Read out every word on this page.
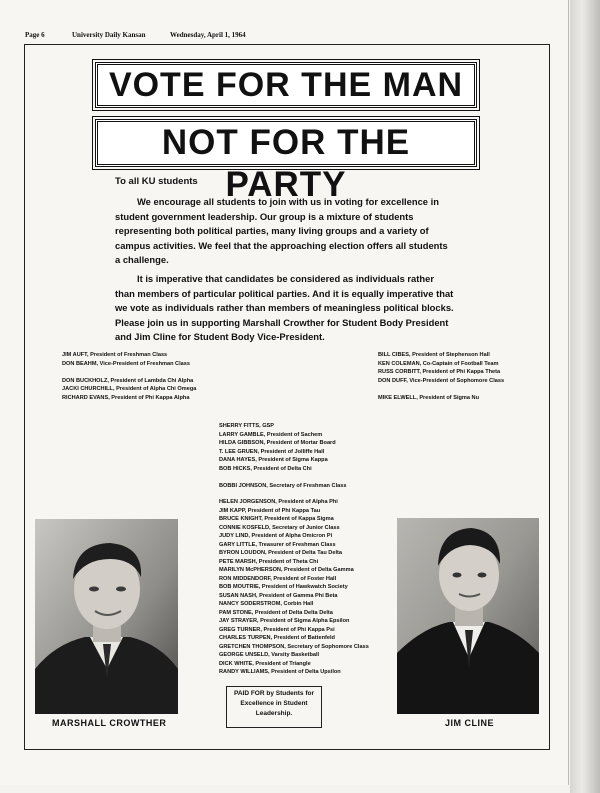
Page 6	University Daily Kansan	Wednesday, April 1, 1964
VOTE FOR THE MAN
NOT FOR THE PARTY
To all KU students

We encourage all students to join with us in voting for excellence in student government leadership. Our group is a mixture of students representing both political parties, many living groups and a variety of campus activities. We feel that the approaching election offers all students a challenge.

It is imperative that candidates be considered as individuals rather than members of particular political parties. And it is equally imperative that we vote as individuals rather than members of meaningless political blocks. Please join us in supporting Marshall Crowther for Student Body President and Jim Cline for Student Body Vice-President.

JIM AUFT, President of Freshman Class
DON BEAHM, Vice-President of Freshman Class
DON BUCKHOLZ, President of Lambda Chi Alpha
JACKI CHURCHILL, President of Alpha Chi Omega
RICHARD EVANS, President of Phi Kappa Alpha
BILL CIBES, President of Stephenson Hall
KEN COLEMAN, Co-Captain of Football Team
RUSS CORBITT, President of Phi Kappa Theta
DON DUFF, Vice-President of Sophomore Class
MIKE ELWELL, President of Sigma Nu
SHERRY FITTS, GSP
LARRY GAMBLE, President of Sachem
HILDA GIBBSON, President of Mortar Board
T. LEE GRUEN, President of Jolliffe Hall
DANA HAYES, President of Sigma Kappa
BOB HICKS, President of Delta Chi
BOBBI JOHNSON, Secretary of Freshman Class
HELEN JORGENSON, President of Alpha Phi
JIM KAPP, President of Phi Kappa Tau
BRUCE KNIGHT, President of Kappa Sigma
CONNIE KOSFELD, Secretary of Junior Class
JUDY LIND, President of Alpha Omicron Pi
GARY LITTLE, Treasurer of Freshman Class
BYRON LOUDON, President of Delta Tau Delta
PETE MARSH, President of Theta Chi
MARILYN McPHERSON, President of Delta Gamma
RON MIDDENDORF, President of Foster Hall
BOB MOUTRIE, President of Hawkwatch Society
SUSAN NASH, President of Gamma Phi Beta
NANCY SODERSTROM, Corbin Hall
PAM STONE, President of Delta Delta Delta
JAY STRAYER, President of Sigma Alpha Epsilon
GREG TURNER, President of Phi Kappa Psi
CHARLES TURPEN, President of Battenfeld
GRETCHEN THOMPSON, Secretary of Sophomore Class
GEORGE UNSELD, Varsity Basketball
DICK WHITE, President of Triangle
RANDY WILLIAMS, President of Delta Upsilon
MARSHALL CROWTHER	JIM CLINE
PAID FOR by Students for
Excellence in Student
Leadership.
